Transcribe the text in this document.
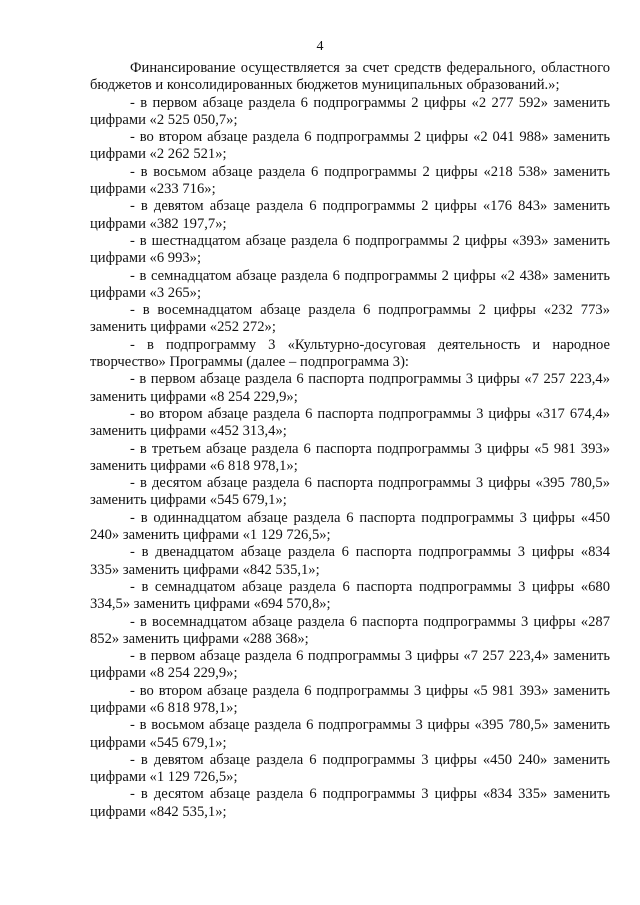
4

Финансирование осуществляется за счет средств федерального, областного бюджетов и консолидированных бюджетов муниципальных образований.»;

- в первом абзаце раздела 6 подпрограммы 2 цифры «2 277 592» заменить цифрами «2 525 050,7»;

- во втором абзаце раздела 6 подпрограммы 2 цифры «2 041 988» заменить цифрами «2 262 521»;

- в восьмом абзаце раздела 6 подпрограммы 2 цифры «218 538» заменить цифрами «233 716»;

- в девятом абзаце раздела 6 подпрограммы 2 цифры «176 843» заменить цифрами «382 197,7»;

- в шестнадцатом абзаце раздела 6 подпрограммы 2 цифры «393» заменить цифрами «6 993»;

- в семнадцатом абзаце раздела 6 подпрограммы 2 цифры «2 438» заменить цифрами «3 265»;

- в восемнадцатом абзаце раздела 6 подпрограммы 2 цифры «232 773» заменить цифрами «252 272»;

- в подпрограмму 3 «Культурно-досуговая деятельность и народное творчество» Программы (далее – подпрограмма 3):

- в первом абзаце раздела 6 паспорта подпрограммы 3 цифры «7 257 223,4» заменить цифрами «8 254 229,9»;

- во втором абзаце раздела 6 паспорта подпрограммы 3 цифры «317 674,4» заменить цифрами «452 313,4»;

- в третьем абзаце раздела 6 паспорта подпрограммы 3 цифры «5 981 393» заменить цифрами «6 818 978,1»;

- в десятом абзаце раздела 6 паспорта подпрограммы 3 цифры «395 780,5» заменить цифрами «545 679,1»;

- в одиннадцатом абзаце раздела 6 паспорта подпрограммы 3 цифры «450 240» заменить цифрами «1 129 726,5»;

- в двенадцатом абзаце раздела 6 паспорта подпрограммы 3 цифры «834 335» заменить цифрами «842 535,1»;

- в семнадцатом абзаце раздела 6 паспорта подпрограммы 3 цифры «680 334,5» заменить цифрами «694 570,8»;

- в восемнадцатом абзаце раздела 6 паспорта подпрограммы 3 цифры «287 852» заменить цифрами «288 368»;

- в первом абзаце раздела 6 подпрограммы 3 цифры «7 257 223,4» заменить цифрами «8 254 229,9»;

- во втором абзаце раздела 6 подпрограммы 3 цифры «5 981 393» заменить цифрами «6 818 978,1»;

- в восьмом абзаце раздела 6 подпрограммы 3 цифры «395 780,5» заменить цифрами «545 679,1»;

- в девятом абзаце раздела 6 подпрограммы 3 цифры «450 240» заменить цифрами «1 129 726,5»;

- в десятом абзаце раздела 6 подпрограммы 3 цифры «834 335» заменить цифрами «842 535,1»;
